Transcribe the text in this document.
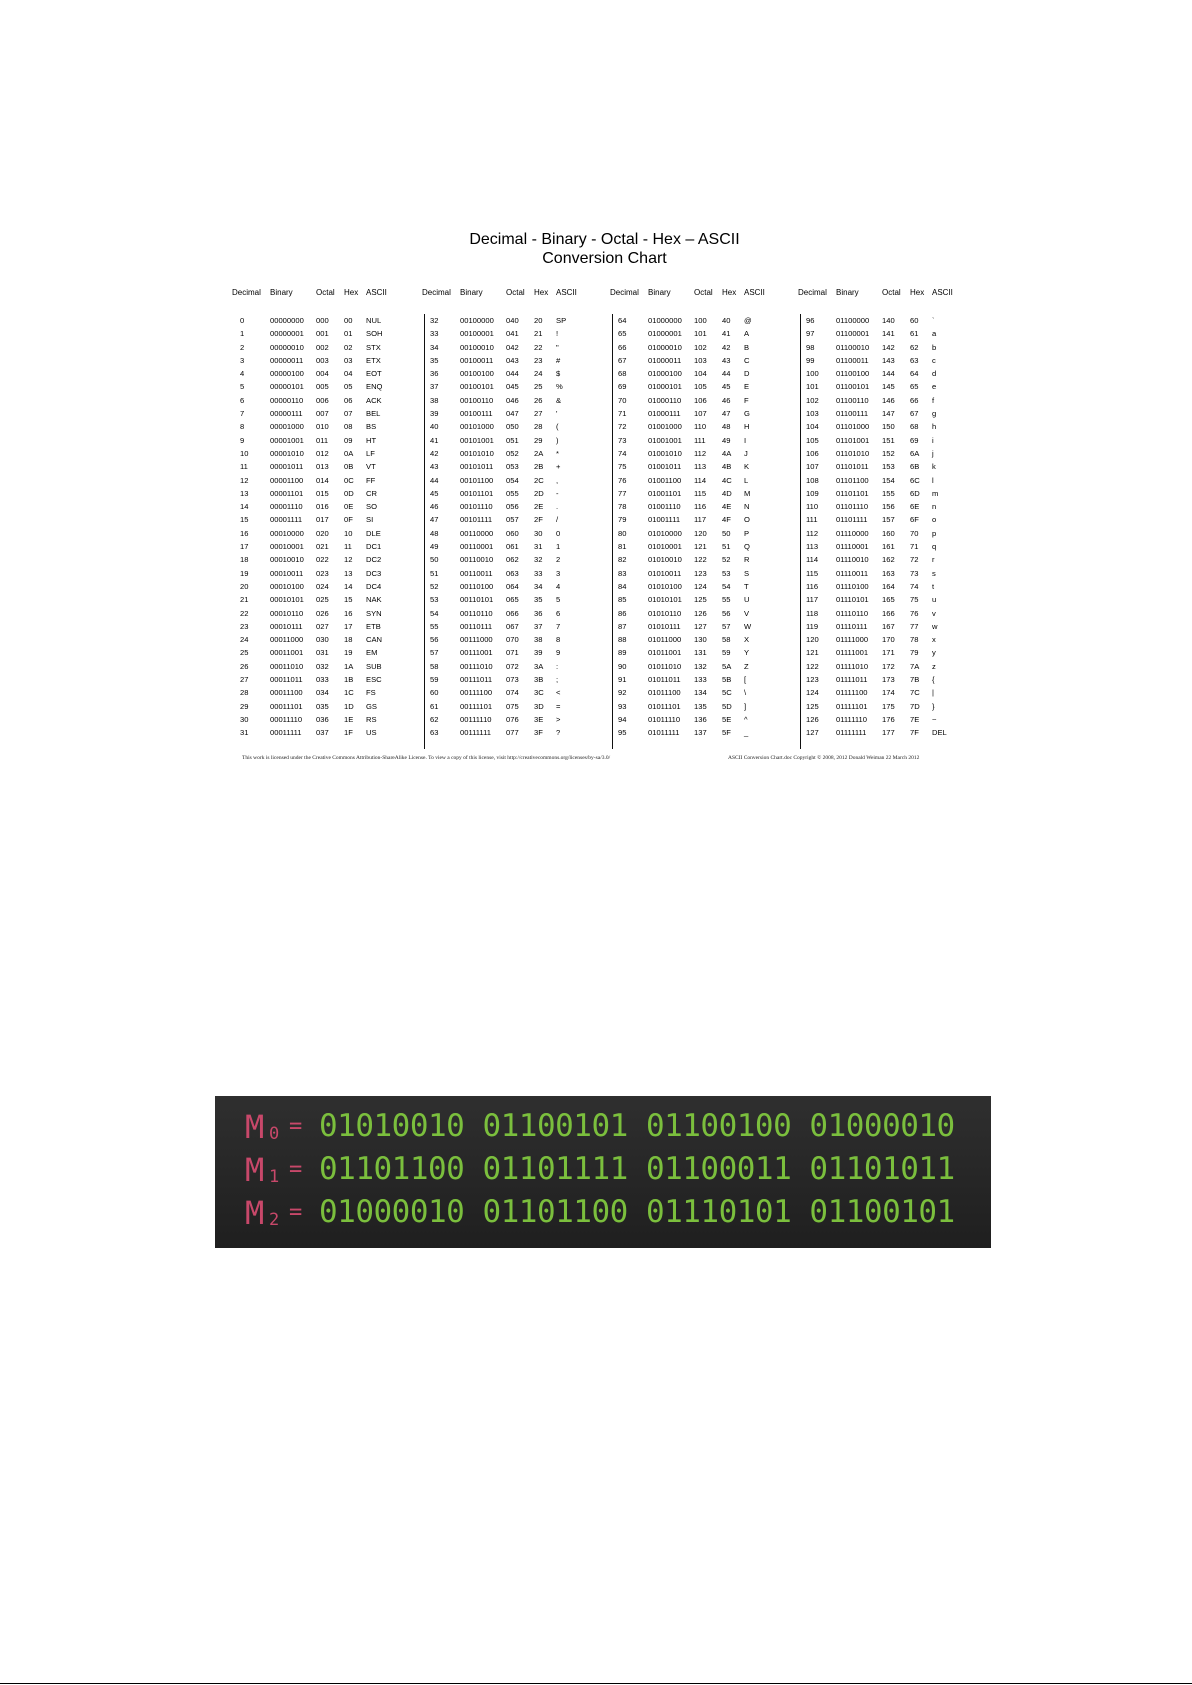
Decimal - Binary - Octal - Hex – ASCII
Conversion Chart
Decimal Binary	Octal Hex ASCII
0	00000000 000 00 NUL
1	00000001 001 01 SOH
2	00000010 002 02 STX
3	00000011 003 03 ETX
4	00000100 004 04 EOT
5	00000101 005 05 ENQ
6	00000110 006 06 ACK
7	00000111 007 07 BEL
8	00001000 010 08 BS
9	00001001 011 09 HT
10	00001010 012 0A LF
11	00001011 013 0B VT
12	00001100 014 0C FF
13	00001101 015 0D CR
14	00001110 016 0E SO
15	00001111 017 0F SI
16	00010000 020 10 DLE
17	00010001 021 11 DC1
18	00010010 022 12 DC2
19	00010011 023 13 DC3
20	00010100 024 14 DC4
21	00010101 025 15 NAK
22	00010110 026 16 SYN
23	00010111 027 17 ETB
24	00011000 030 18 CAN
25	00011001 031 19 EM
26	00011010 032 1A SUB
27	00011011 033 1B ESC
28	00011100 034 1C FS
29	00011101 035 1D GS
30	00011110 036 1E RS
31	00011111 037 1F US
Decimal Binary	Octal Hex ASCII
32	00100000 040 20 SP
33	00100001 041 21 !
34	00100010 042 22 "
35	00100011 043 23 #
36	00100100 044 24 $
37	00100101 045 25 %
38	00100110 046 26 &
39	00100111 047 27 '
40	00101000 050 28 (
41	00101001 051 29 )
42	00101010 052 2A *
43	00101011 053 2B +
44	00101100 054 2C ,
45	00101101 055 2D -
46	00101110 056 2E .
47	00101111 057 2F /
48	00110000 060 30 0
49	00110001 061 31 1
50	00110010 062 32 2
51	00110011 063 33 3
52	00110100 064 34 4
53	00110101 065 35 5
54	00110110 066 36 6
55	00110111 067 37 7
56	00111000 070 38 8
57	00111001 071 39 9
58	00111010 072 3A :
59	00111011 073 3B ;
60	00111100 074 3C <
61	00111101 075 3D =
62	00111110 076 3E >
63	00111111 077 3F ?
Decimal Binary	Octal Hex ASCII
64	01000000 100 40 @
65	01000001 101 41 A
66	01000010 102 42 B
67	01000011 103 43 C
68	01000100 104 44 D
69	01000101 105 45 E
70	01000110 106 46 F
71	01000111 107 47 G
72	01001000 110 48 H
73	01001001 111 49 I
74	01001010 112 4A J
75	01001011 113 4B K
76	01001100 114 4C L
77	01001101 115 4D M
78	01001110 116 4E N
79	01001111 117 4F O
80	01010000 120 50 P
81	01010001 121 51 Q
82	01010010 122 52 R
83	01010011 123 53 S
84	01010100 124 54 T
85	01010101 125 55 U
86	01010110 126 56 V
87	01010111 127 57 W
88	01011000 130 58 X
89	01011001 131 59 Y
90	01011010 132 5A Z
91	01011011 133 5B [
92	01011100 134 5C \
93	01011101 135 5D ]
94	01011110 136 5E ^
95	01011111 137 5F _
Decimal Binary	Octal Hex ASCII
96	01100000 140 60 `
97	01100001 141 61 a
98	01100010 142 62 b
99	01100011 143 63 c
100 01100100 144 64 d
101 01100101 145 65 e
102 01100110 146 66 f
103 01100111 147 67 g
104 01101000 150 68 h
105 01101001 151 69 i
106 01101010 152 6A j
107 01101011 153 6B k
108 01101100 154 6C l
109 01101101 155 6D m
110 01101110 156 6E n
111 01101111 157 6F o
112 01110000 160 70 p
113 01110001 161 71 q
114 01110010 162 72 r
115 01110011 163 73 s
116 01110100 164 74 t
117 01110101 165 75 u
118 01110110 166 76 v
119 01110111 167 77 w
120 01111000 170 78 x
121 01111001 171 79 y
122 01111010 172 7A z
123 01111011 173 7B {
124 01111100 174 7C |
125 01111101 175 7D }
126 01111110 176 7E ~
127 01111111 177 7F DEL
This work is licensed under the Creative Commons Attribution-ShareAlike License. To view a copy of this license, visit http://creativecommons.org/licenses/by-sa/3.0/	ASCII Conversion Chart.doc Copyright © 2008, 2012 Donald Weiman 22 March 2012
M 0 = 01010010 01100101 01100100 01000010
M 1 = 01101100 01101111 01100011 01101011
M 2 = 01000010 01101100 01110101 01100101
